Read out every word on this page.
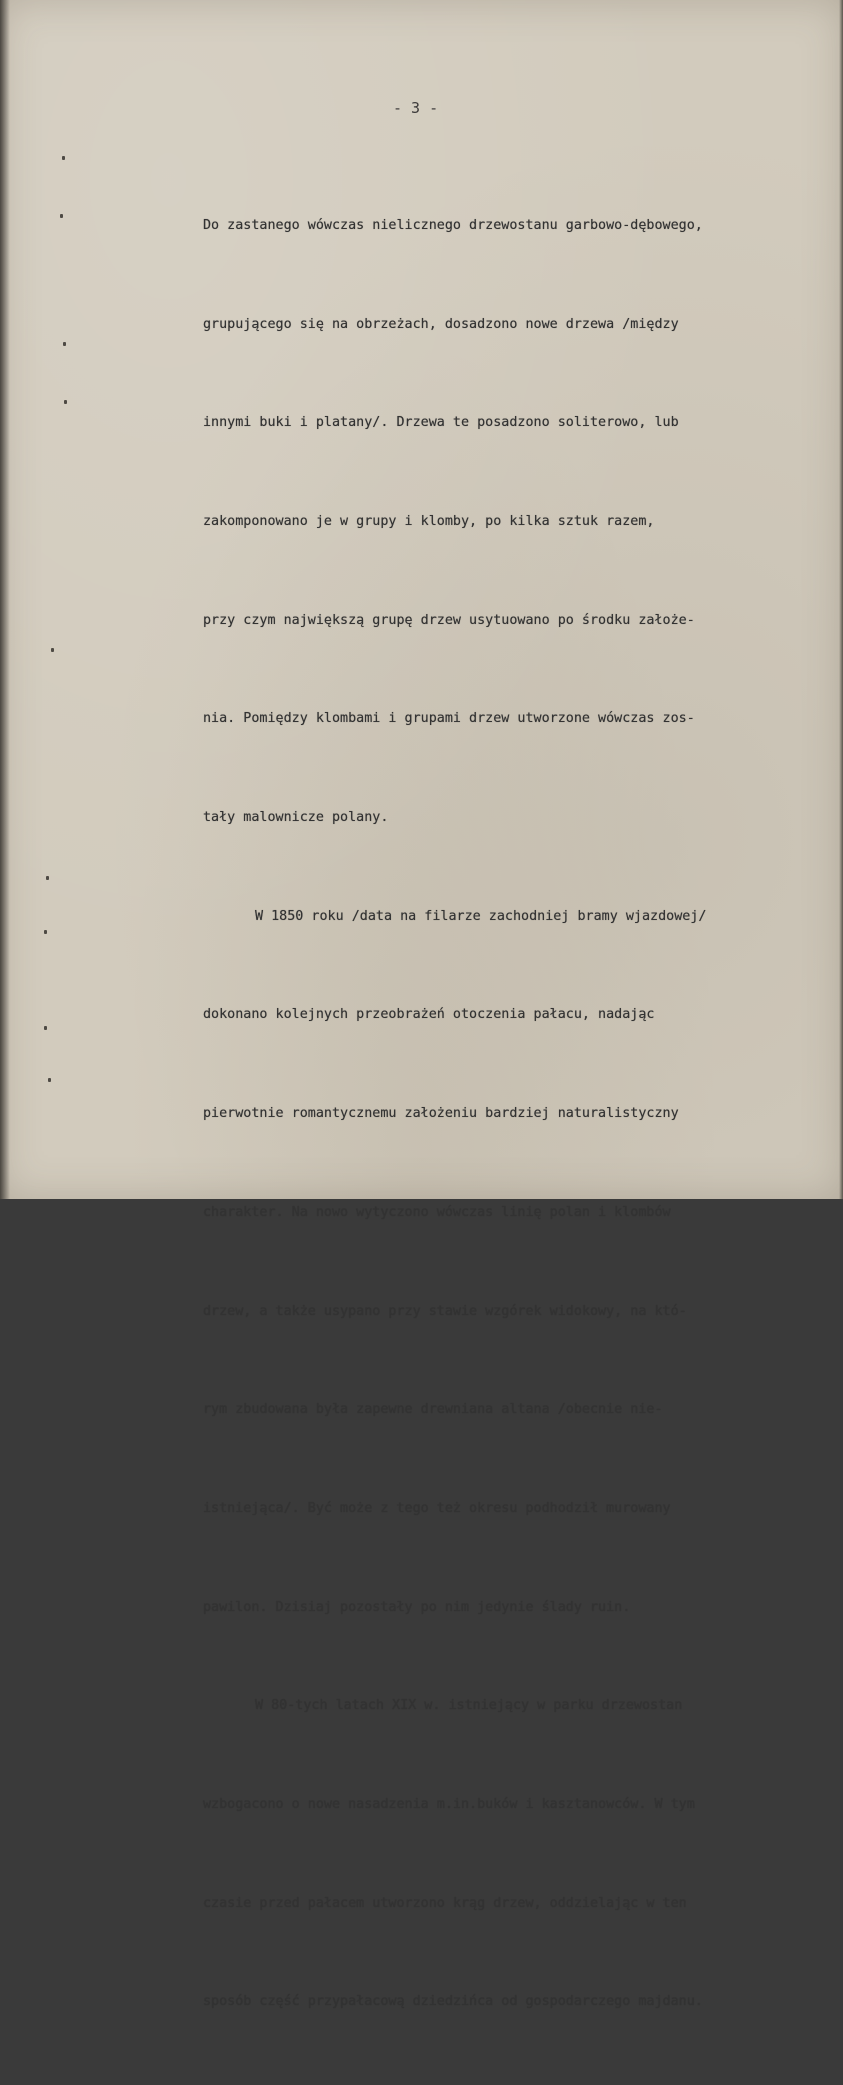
- 3 -

Do zastanego wówczas nielicznego drzewostanu garbowo-dębowego,

grupującego się na obrzeżach, dosadzono nowe drzewa /między

innymi buki i platany/. Drzewa te posadzono soliterowo, lub

zakomponowano je w grupy i klomby, po kilka sztuk razem,

przy czym największą grupę drzew usytuowano po środku założe-

nia. Pomiędzy klombami i grupami drzew utworzone wówczas zos-

tały malownicze polany.

W 1850 roku /data na filarze zachodniej bramy wjazdowej/

dokonano kolejnych przeobrażeń otoczenia pałacu, nadając

pierwotnie romantycznemu założeniu bardziej naturalistyczny

charakter. Na nowo wytyczono wówczas linię polan i klombów

drzew, a także usypano przy stawie wzgórek widokowy, na któ-

rym zbudowana była zapewne drewniana altana /obecnie nie-

istniejąca/. Być może z tego też okresu podhodził murowany

pawilon. Dzisiaj pozostały po nim jedynie ślady ruin.

W 80-tych latach XIX w. istniejący w parku drzewostan

wzbogacono o nowe nasadzenia m.in.buków i kasztanowców. W tym

czasie przed pałacem utworzono krąg drzew, oddzielając w ten

sposób część przypałacową dziedzińca od gospodarczego majdanu.
